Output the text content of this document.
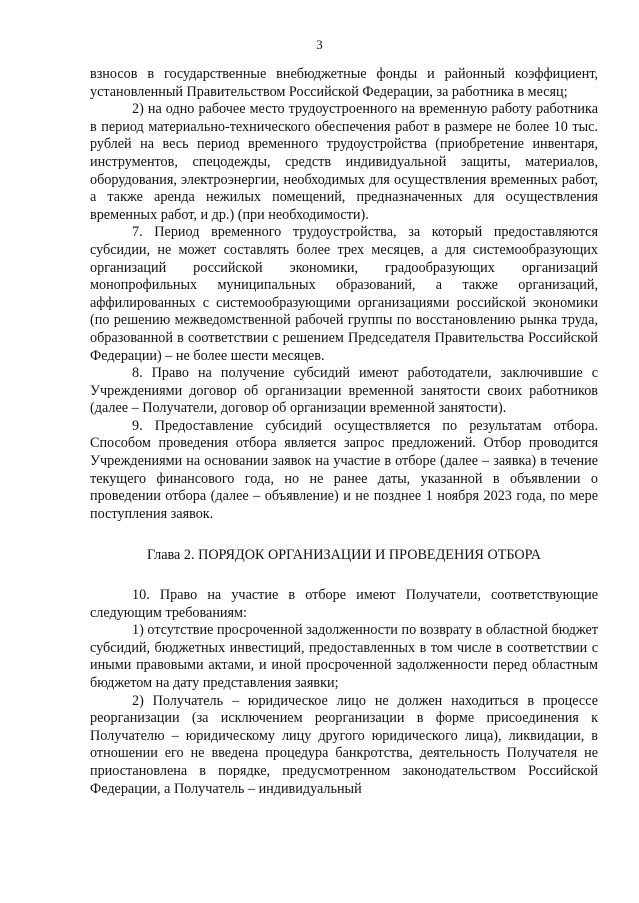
3

взносов в государственные внебюджетные фонды и районный коэффициент, установленный Правительством Российской Федерации, за работника в месяц;

2) на одно рабочее место трудоустроенного на временную работу работника в период материально-технического обеспечения работ в размере не более 10 тыс. рублей на весь период временного трудоустройства (приобретение инвентаря, инструментов, спецодежды, средств индивидуальной защиты, материалов, оборудования, электроэнергии, необходимых для осуществления временных работ, а также аренда нежилых помещений, предназначенных для осуществления временных работ, и др.) (при необходимости).

7. Период временного трудоустройства, за который предоставляются субсидии, не может составлять более трех месяцев, а для системообразующих организаций российской экономики, градообразующих организаций монопрофильных муниципальных образований, а также организаций, аффилированных с системообразующими организациями российской экономики (по решению межведомственной рабочей группы по восстановлению рынка труда, образованной в соответствии с решением Председателя Правительства Российской Федерации) – не более шести месяцев.

8. Право на получение субсидий имеют работодатели, заключившие с Учреждениями договор об организации временной занятости своих работников (далее – Получатели, договор об организации временной занятости).

9. Предоставление субсидий осуществляется по результатам отбора. Способом проведения отбора является запрос предложений. Отбор проводится Учреждениями на основании заявок на участие в отборе (далее – заявка) в течение текущего финансового года, но не ранее даты, указанной в объявлении о проведении отбора (далее – объявление) и не позднее 1 ноября 2023 года, по мере поступления заявок.

Глава 2. ПОРЯДОК ОРГАНИЗАЦИИ И ПРОВЕДЕНИЯ ОТБОРА

10. Право на участие в отборе имеют Получатели, соответствующие следующим требованиям:

1) отсутствие просроченной задолженности по возврату в областной бюджет субсидий, бюджетных инвестиций, предоставленных в том числе в соответствии с иными правовыми актами, и иной просроченной задолженности перед областным бюджетом на дату представления заявки;

2) Получатель – юридическое лицо не должен находиться в процессе реорганизации (за исключением реорганизации в форме присоединения к Получателю – юридическому лицу другого юридического лица), ликвидации, в отношении его не введена процедура банкротства, деятельность Получателя не приостановлена в порядке, предусмотренном законодательством Российской Федерации, а Получатель – индивидуальный
